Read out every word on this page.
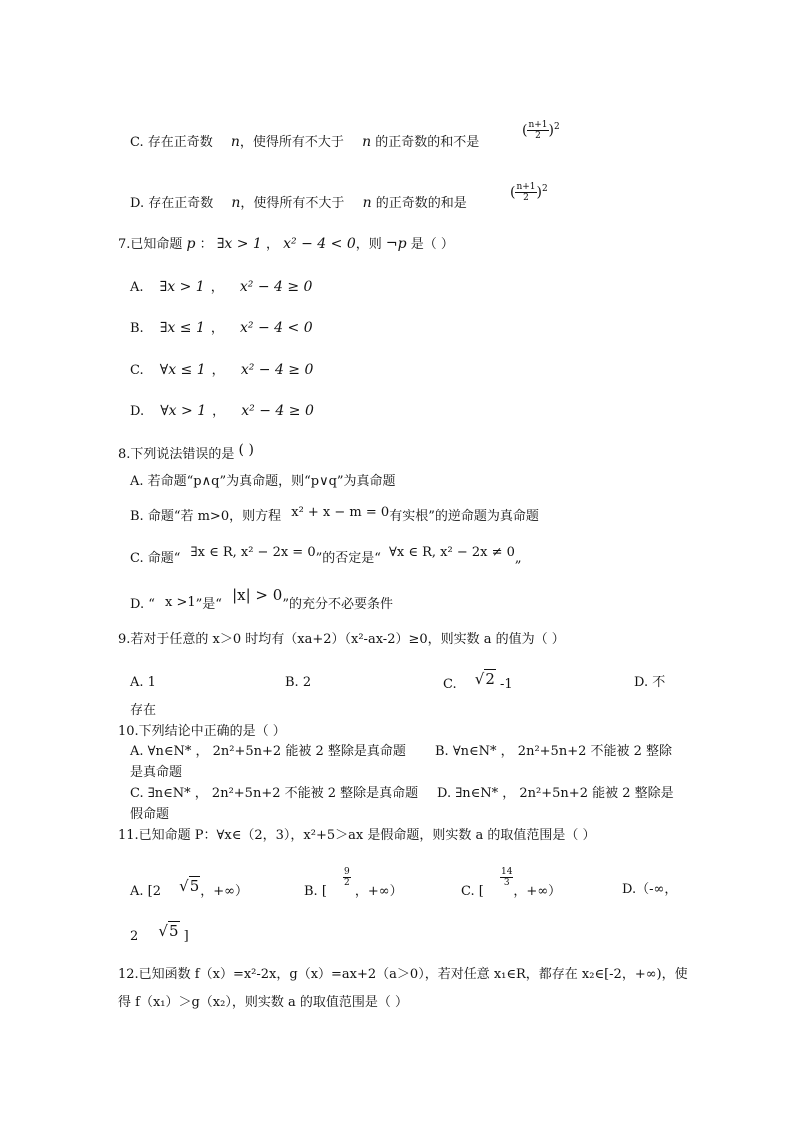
C. 存在正奇数 n，使得所有不大于 n 的正奇数的和不是
( $\frac{n+1}{2} )^2$
D. 存在正奇数 n，使得所有不大于 n 的正奇数的和是
( $\frac{n+1}{2} )^2$
7.已知命题 p ： ∃x > 1 ， x² − 4 < 0，则 ¬p 是（ ）
A. ∃x > 1 ， x² − 4 ≥ 0
B. ∃x ≤ 1 ， x² − 4 < 0
C. ∀x ≤ 1 ， x² − 4 ≥ 0
D. ∀x > 1 ， x² − 4 ≥ 0
8.下列说法错误的是 ( )
A. 若命题“p∧q”为真命题，则“p∨q”为真命题
B. 命题“若 m>0，则方程 x² + x − m = 0有实根”的逆命题为真命题
C. 命题“ ∃x ∈ R, x² − 2x = 0”的否定是“ ∀x ∈ R, x² − 2x ≠ 0„
D. “ x >1”是“ |x| > 0”的充分不必要条件
9.若对于任意的 x＞0 时均有（xa+2）（x²-ax-2）≥0，则实数 a 的值为（ ）
A. 1	B. 2	C. √2 -1	D. 不
存在
10.下列结论中正确的是（ ）
A. ∀n∈N* ， 2n²+5n+2 能被 2 整除是真命题 B. ∀n∈N* ， 2n²+5n+2 不能被 2 整除
是真命题
C. ∃n∈N* ， 2n²+5n+2 不能被 2 整除是真命题 D. ∃n∈N* ， 2n²+5n+2 能被 2 整除是
假命题
11.已知命题 P：∀x∈（2，3），x²+5＞ax 是假命题，则实数 a 的取值范围是（ ）
A. [2 √5，+∞）	B. [
$\frac{9}{2}$
，+∞）	C. [
$\frac{14}{3}$
，+∞）	D.（-∞，
2 √5 ]
12.已知函数 f（x）=x²-2x，g（x）=ax+2（a＞0），若对任意 x₁∈R，都存在 x₂∈[-2，+∞)，使
得 f（x₁）＞g（x₂），则实数 a 的取值范围是（ ）
